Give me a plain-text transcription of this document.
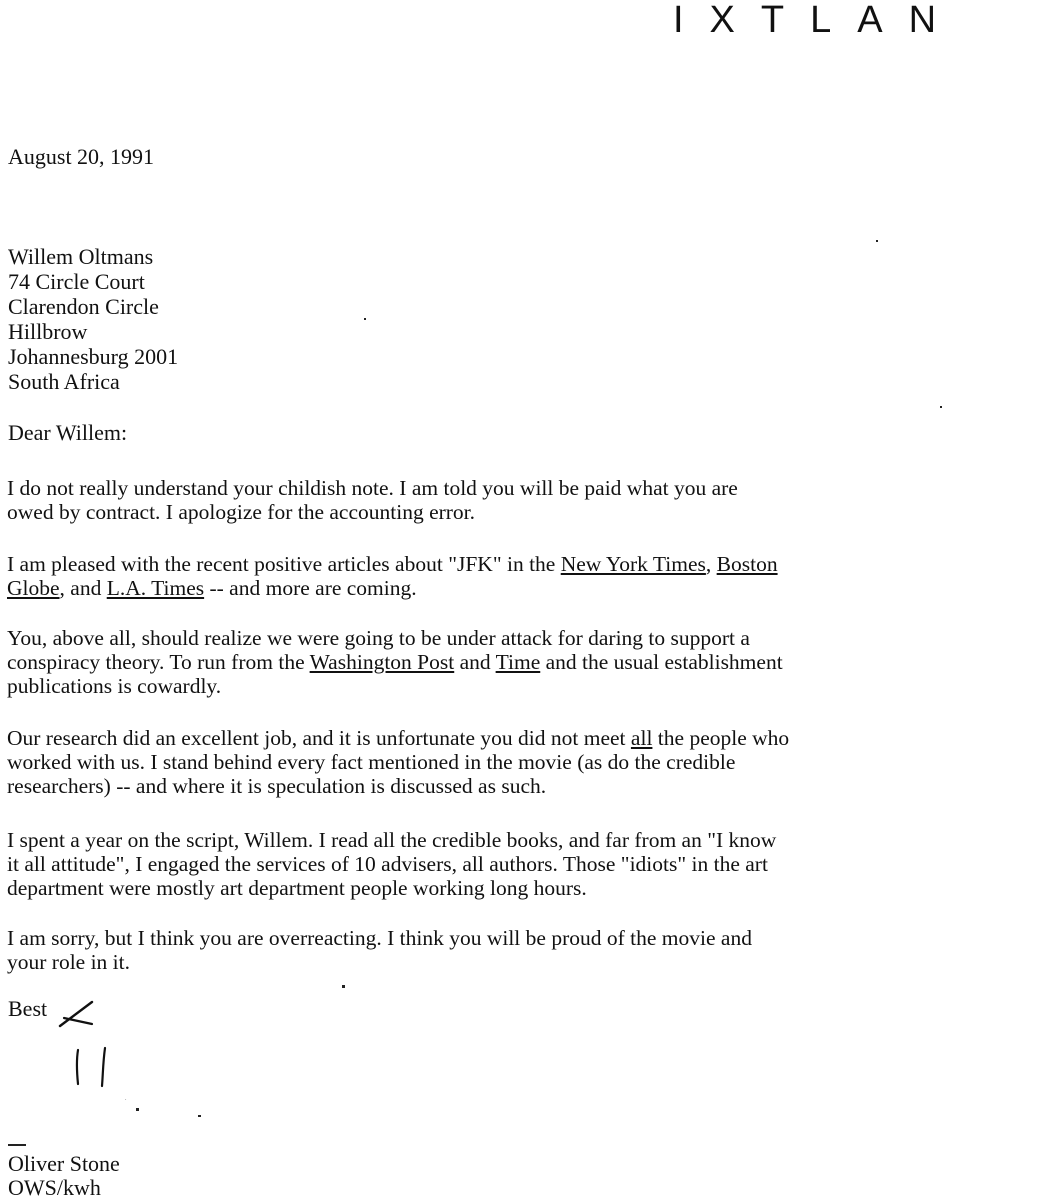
IXTLAN
August 20, 1991
Willem Oltmans
74 Circle Court
Clarendon Circle
Hillbrow
Johannesburg 2001
South Africa
Dear Willem:
I do not really understand your childish note. I am told you will be paid what you are
owed by contract. I apologize for the accounting error.
I am pleased with the recent positive articles about "JFK" in the New York Times, Boston
Globe, and L.A. Times -- and more are coming.
You, above all, should realize we were going to be under attack for daring to support a
conspiracy theory. To run from the Washington Post and Time and the usual establishment
publications is cowardly.
Our research did an excellent job, and it is unfortunate you did not meet all the people who
worked with us. I stand behind every fact mentioned in the movie (as do the credible
researchers) -- and where it is speculation is discussed as such.
I spent a year on the script, Willem. I read all the credible books, and far from an "I know
it all attitude", I engaged the services of 10 advisers, all authors. Those "idiots" in the art
department were mostly art department people working long hours.
I am sorry, but I think you are overreacting. I think you will be proud of the movie and
your role in it.
Best
Oliver Stone
OWS/kwh
